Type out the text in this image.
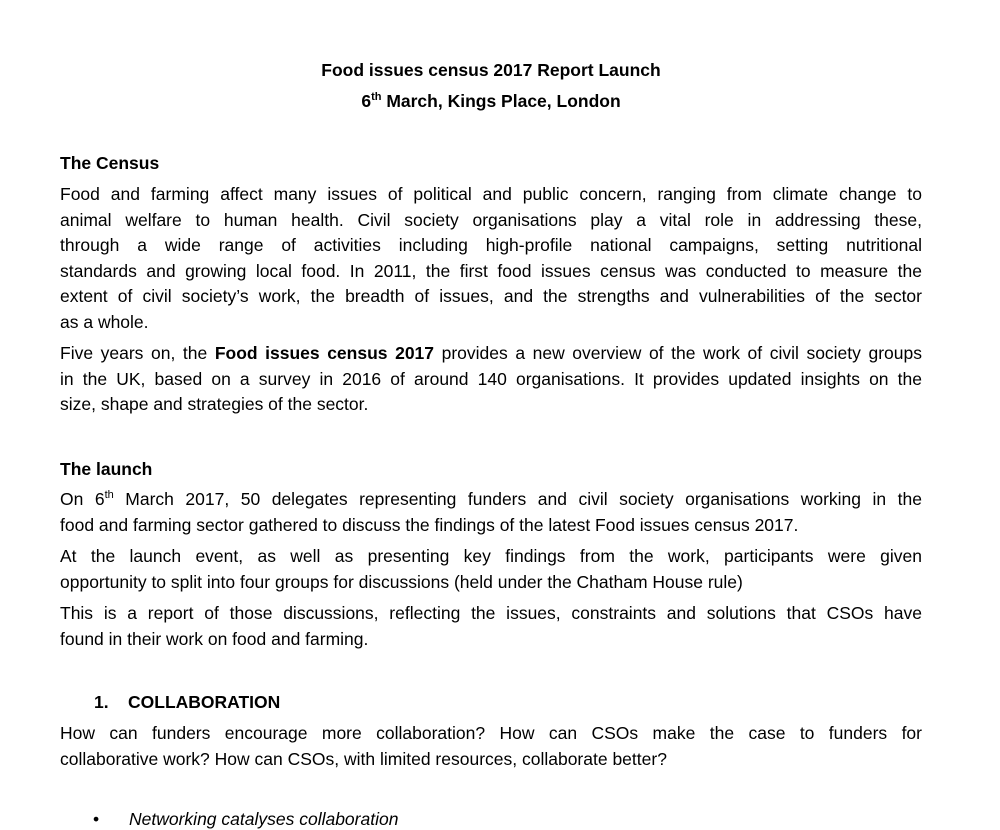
Food issues census 2017 Report Launch
6th March, Kings Place, London
The Census
Food and farming affect many issues of political and public concern, ranging from climate change to
animal welfare to human health. Civil society organisations play a vital role in addressing these,
through a wide range of activities including high-profile national campaigns, setting nutritional
standards and growing local food. In 2011, the first food issues census was conducted to measure the
extent of civil society’s work, the breadth of issues, and the strengths and vulnerabilities of the sector
as a whole.
Five years on, the Food issues census 2017 provides a new overview of the work of civil society groups
in the UK, based on a survey in 2016 of around 140 organisations. It provides updated insights on the
size, shape and strategies of the sector.
The launch
On 6th March 2017, 50 delegates representing funders and civil society organisations working in the
food and farming sector gathered to discuss the findings of the latest Food issues census 2017.
At the launch event, as well as presenting key findings from the work, participants were given
opportunity to split into four groups for discussions (held under the Chatham House rule)
This is a report of those discussions, reflecting the issues, constraints and solutions that CSOs have
found in their work on food and farming.
1. COLLABORATION
How can funders encourage more collaboration? How can CSOs make the case to funders for
collaborative work? How can CSOs, with limited resources, collaborate better?
• Networking catalyses collaboration
